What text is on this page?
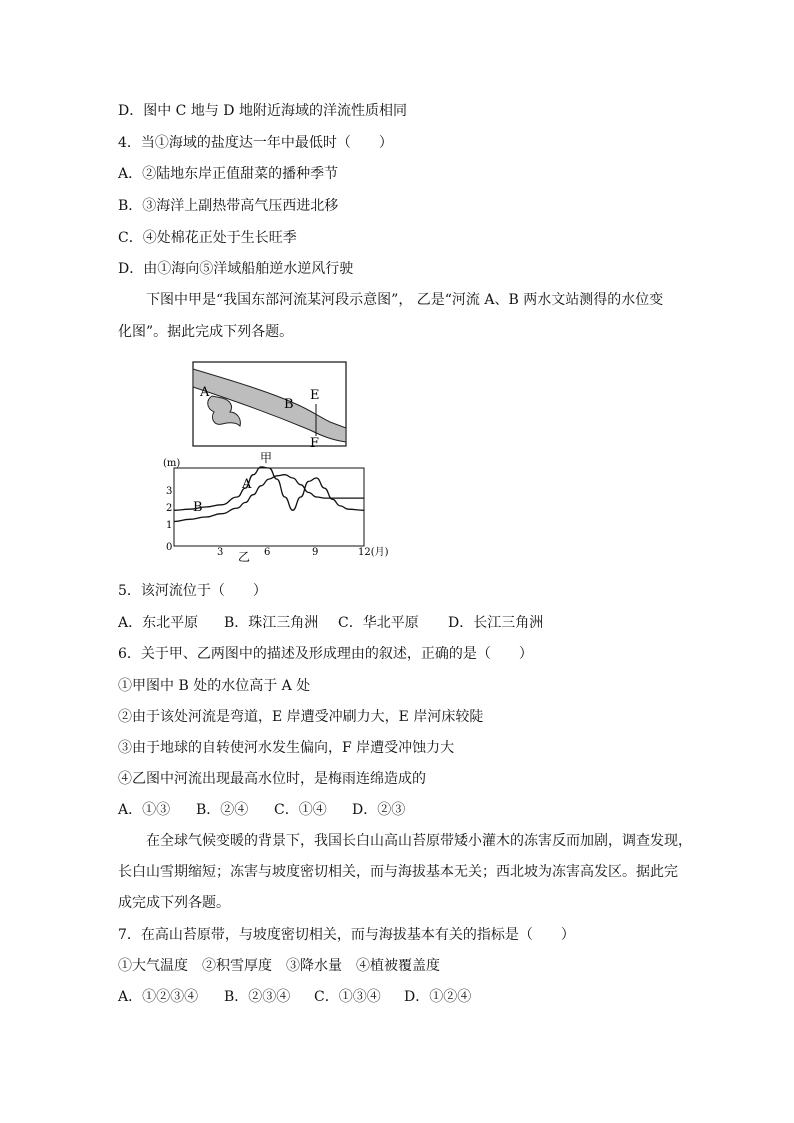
D．图中 C 地与 D 地附近海域的洋流性质相同
4．当①海域的盐度达一年中最低时（　　）
A．②陆地东岸正值甜菜的播种季节
B．③海洋上副热带高气压西进北移
C．④处棉花正处于生长旺季
D．由①海向⑤洋域船舶逆水逆风行驶
下图中甲是“我国东部河流某河段示意图”， 乙是“河流 A、B 两水文站测得的水位变
化图”。据此完成下列各题。
A
B
E
F
甲
(m)
0
1
2
3
3	6	9	12(月)
乙
A
B
5．该河流位于（　　）
A．东北平原 B．珠江三角洲 C．华北平原 D．长江三角洲
6．关于甲、乙两图中的描述及形成理由的叙述，正确的是（　　）
①甲图中 B 处的水位高于 A 处
②由于该处河流是弯道，E 岸遭受冲刷力大，E 岸河床较陡
③由于地球的自转使河水发生偏向，F 岸遭受冲蚀力大
④乙图中河流出现最高水位时，是梅雨连绵造成的
A．①③ B．②④ C．①④ D．②③
在全球气候变暖的背景下，我国长白山高山苔原带矮小灌木的冻害反而加剧，调查发现，
长白山雪期缩短；冻害与坡度密切相关，而与海拔基本无关；西北坡为冻害高发区。据此完
成完成下列各题。
7．在高山苔原带，与坡度密切相关，而与海拔基本有关的指标是（　　）
①大气温度　②积雪厚度　③降水量　④植被覆盖度
A．①②③④ B．②③④ C．①③④ D．①②④
